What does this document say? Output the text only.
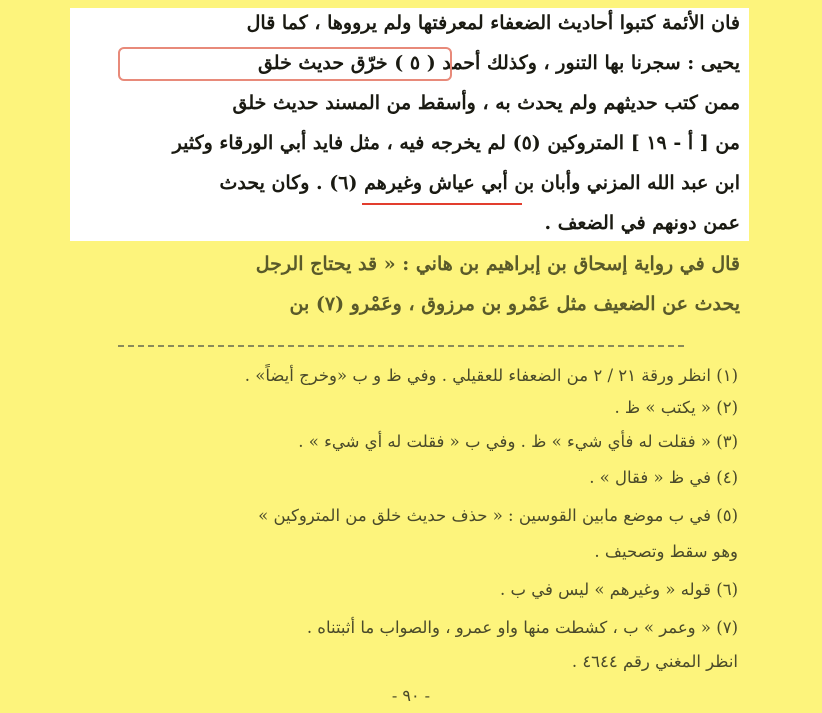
فان الأئمة كتبوا أحاديث الضعفاء لمعرفتها ولم يرووها ، كما قال
يحيى : سجرنا بها التنور ، وكذلك أحمد ( ٥ ) خرّق حديث خلق
ممن كتب حديثهم ولم يحدث به ، وأسقط من المسند حديث خلق
من [ أ - ١٩ ] المتروكين (٥) لم يخرجه فيه ، مثل فايد أبي الورقاء وكثير
ابن عبد الله المزني وأبان بن أبي عياش وغيرهم (٦) . وكان يحدث
عمن دونهم في الضعف .
قال في رواية إسحاق بن إبراهيم بن هاني : « قد يحتاج الرجل
يحدث عن الضعيف مثل عَمْرو بن مرزوق ، وعَمْرو (٧) بن
(١) انظر ورقة ٢١ / ٢ من الضعفاء للعقيلي . وفي ظ و ب «وخرج أيضاً» .
(٢) « يكتب » ظ .
(٣) « فقلت له فأي شيء » ظ . وفي ب « فقلت له أي شيء » .
(٤) في ظ « فقال » .
(٥) في ب موضع مابين القوسين : « حذف حديث خلق من المتروكين »
وهو سقط وتصحيف .
(٦) قوله « وغيرهم » ليس في ب .
(٧) « وعمر » ب ، كشطت منها واو عمرو ، والصواب ما أثبتناه .
انظر المغني رقم ٤٦٤٤ .
- ٩٠ -
